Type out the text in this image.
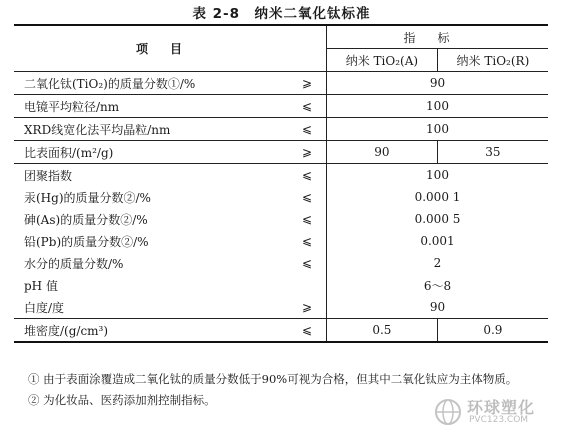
表 2-8　纳米二氧化钛标准
项目		指标	
		纳米 TiO₂(A)	纳米 TiO₂(R)
二氧化钛(TiO₂)的质量分数①/%	⩾	90	
电镜平均粒径/nm	⩽	100	
XRD线宽化法平均晶粒/nm	⩽	100	
比表面积/(m²/g)	⩾	90	35
团聚指数	⩽	100	
汞(Hg)的质量分数②/%	⩽	0.000 1	
砷(As)的质量分数②/%	⩽	0.000 5	
铅(Pb)的质量分数②/%	⩽	0.001	
水分的质量分数/%	⩽	2	
pH 值		6～8	
白度/度	⩾	90	
堆密度/(g/cm³)	⩽	0.5	0.9
① 由于表面涂覆造成二氧化钛的质量分数低于90%可视为合格，但其中二氧化钛应为主体物质。
② 为化妆品、医药添加剂控制指标。	环球塑化
PVC123.COM
